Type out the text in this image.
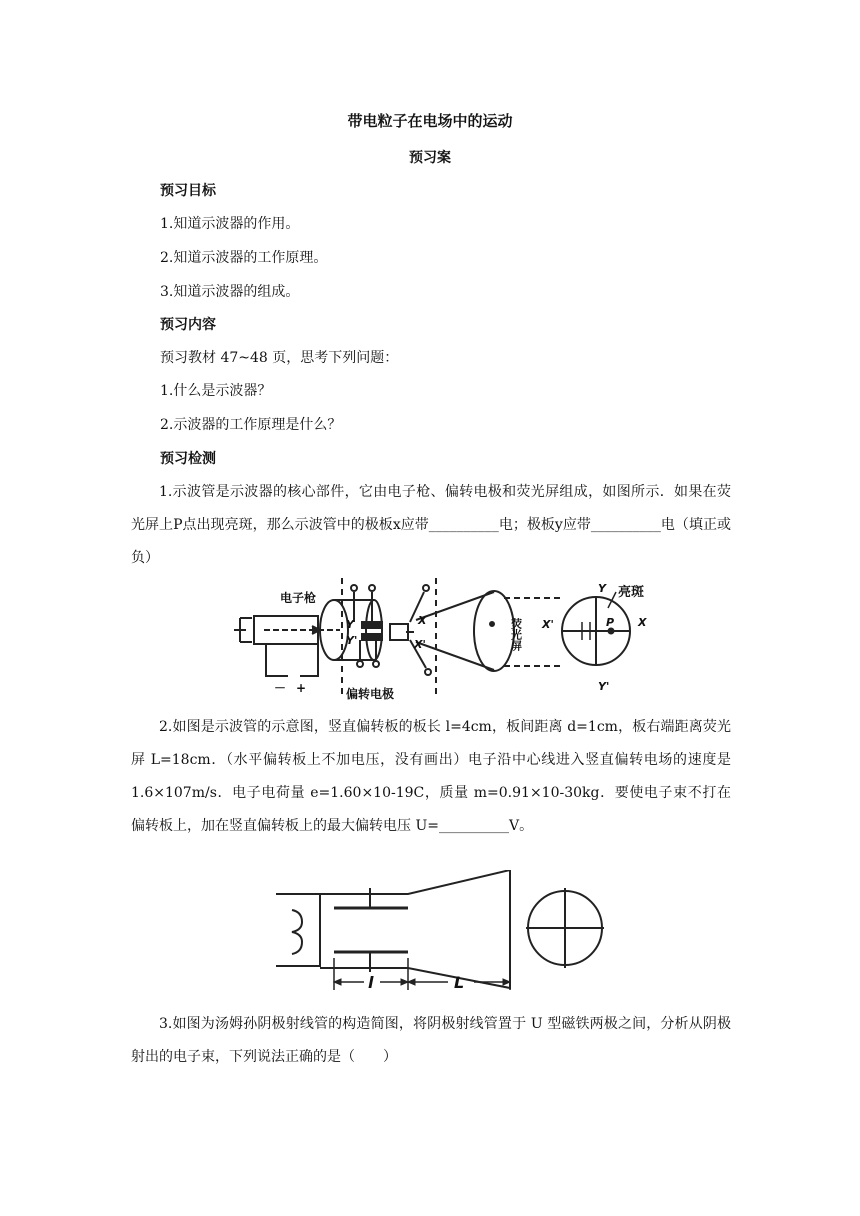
带电粒子在电场中的运动
预习案
预习目标
1.知道示波器的作用。
2.知道示波器的工作原理。
3.知道示波器的组成。
预习内容
预习教材 47~48 页，思考下列问题：
1.什么是示波器？
2.示波器的工作原理是什么？
预习检测
1.示波管是示波器的核心部件，它由电子枪、偏转电极和荧光屏组成，如图所示．如果在荧光屏上P点出现亮斑，那么示波管中的极板x应带__________电；极板y应带__________电（填正或负）
电子枪
偏转电极
－ +
Y
Y'
X
X'	荧光屏 X'	X
Y
Y'
P
亮斑
2.如图是示波管的示意图，竖直偏转板的板长 l=4cm，板间距离 d=1cm，板右端距离荧光屏 L=18cm．（水平偏转板上不加电压，没有画出）电子沿中心线进入竖直偏转电场的速度是 1.6×107m/s．电子电荷量 e=1.60×10-19C，质量 m=0.91×10-30kg．要使电子束不打在偏转板上，加在竖直偏转板上的最大偏转电压 U=__________V。
l	L
3.如图为汤姆孙阴极射线管的构造简图，将阴极射线管置于 U 型磁铁两极之间，分析从阴极射出的电子束，下列说法正确的是（　　）
